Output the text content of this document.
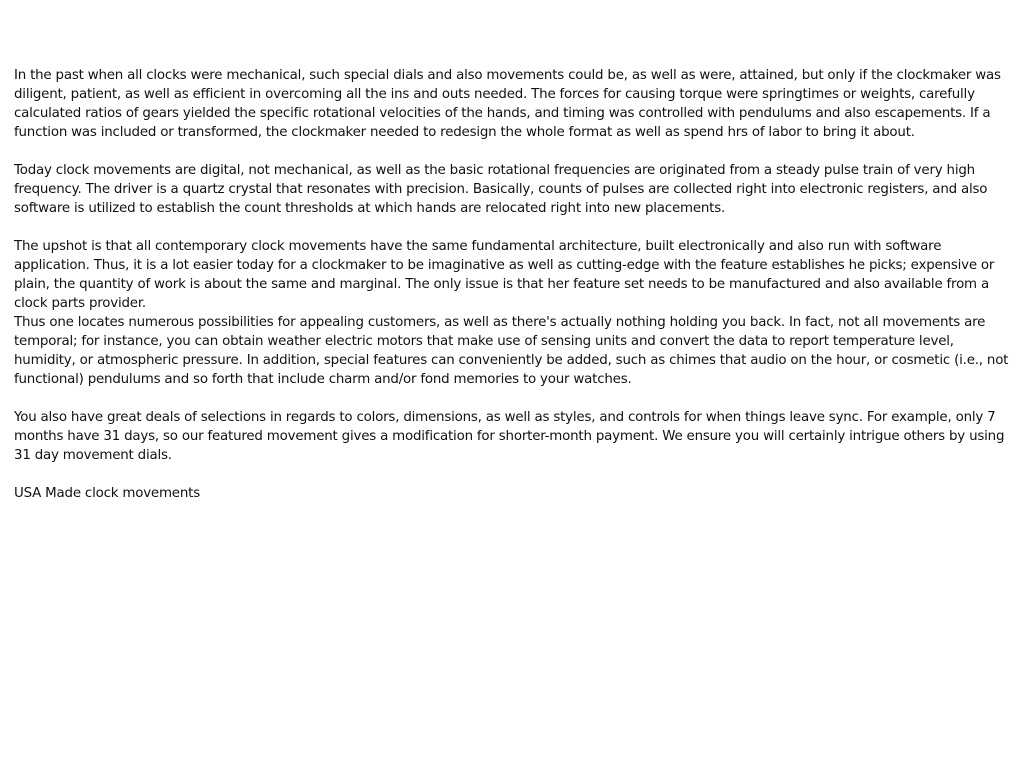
In the past when all clocks were mechanical, such special dials and also movements could be, as well as were, attained, but only if the clockmaker was diligent, patient, as well as efficient in overcoming all the ins and outs needed. The forces for causing torque were springtimes or weights, carefully calculated ratios of gears yielded the specific rotational velocities of the hands, and timing was controlled with pendulums and also escapements. If a function was included or transformed, the clockmaker needed to redesign the whole format as well as spend hrs of labor to bring it about.

Today clock movements are digital, not mechanical, as well as the basic rotational frequencies are originated from a steady pulse train of very high frequency. The driver is a quartz crystal that resonates with precision. Basically, counts of pulses are collected right into electronic registers, and also software is utilized to establish the count thresholds at which hands are relocated right into new placements.

The upshot is that all contemporary clock movements have the same fundamental architecture, built electronically and also run with software application. Thus, it is a lot easier today for a clockmaker to be imaginative as well as cutting-edge with the feature establishes he picks; expensive or plain, the quantity of work is about the same and marginal. The only issue is that her feature set needs to be manufactured and also available from a clock parts provider.
Thus one locates numerous possibilities for appealing customers, as well as there's actually nothing holding you back. In fact, not all movements are temporal; for instance, you can obtain weather electric motors that make use of sensing units and convert the data to report temperature level, humidity, or atmospheric pressure. In addition, special features can conveniently be added, such as chimes that audio on the hour, or cosmetic (i.e., not functional) pendulums and so forth that include charm and/or fond memories to your watches.

You also have great deals of selections in regards to colors, dimensions, as well as styles, and controls for when things leave sync. For example, only 7 months have 31 days, so our featured movement gives a modification for shorter-month payment. We ensure you will certainly intrigue others by using 31 day movement dials.

USA Made clock movements
